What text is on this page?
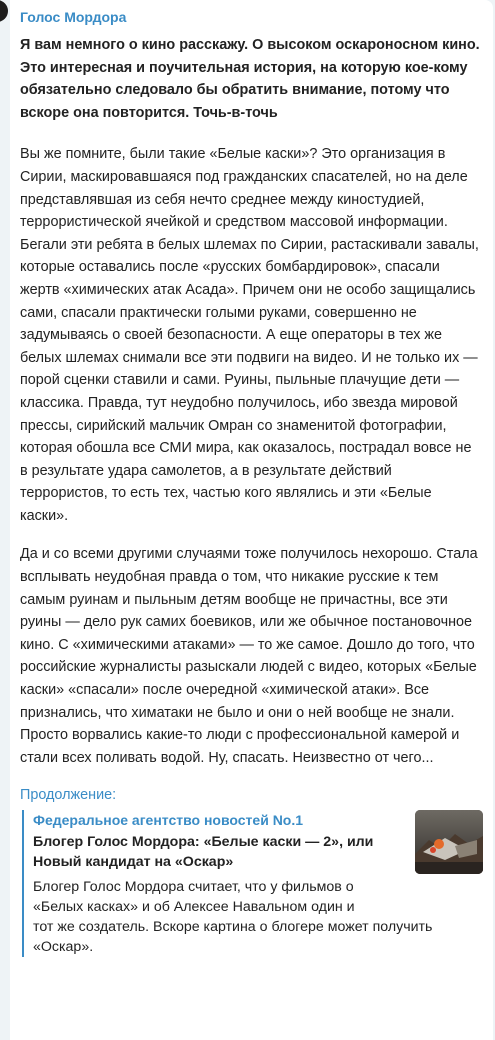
Голос Мордора
Я вам немного о кино расскажу. О высоком оскароносном кино. Это интересная и поучительная история, на которую кое-кому обязательно следовало бы обратить внимание, потому что вскоре она повторится. Точь-в-точь
Вы же помните, были такие «Белые каски»? Это организация в Сирии, маскировавшаяся под гражданских спасателей, но на деле представлявшая из себя нечто среднее между киностудией, террористической ячейкой и средством массовой информации. Бегали эти ребята в белых шлемах по Сирии, растаскивали завалы, которые оставались после «русских бомбардировок», спасали жертв «химических атак Асада». Причем они не особо защищались сами, спасали практически голыми руками, совершенно не задумываясь о своей безопасности. А еще операторы в тех же белых шлемах снимали все эти подвиги на видео. И не только их — порой сценки ставили и сами. Руины, пыльные плачущие дети — классика. Правда, тут неудобно получилось, ибо звезда мировой прессы, сирийский мальчик Омран со знаменитой фотографии, которая обошла все СМИ мира, как оказалось, пострадал вовсе не в результате удара самолетов, а в результате действий террористов, то есть тех, частью кого являлись и эти «Белые каски».
Да и со всеми другими случаями тоже получилось нехорошо. Стала всплывать неудобная правда о том, что никакие русские к тем самым руинам и пыльным детям вообще не причастны, все эти руины — дело рук самих боевиков, или же обычное постановочное кино. С «химическими атаками» — то же самое. Дошло до того, что российские журналисты разыскали людей с видео, которых «Белые каски» «спасали» после очередной «химической атаки». Все признались, что химатаки не было и они о ней вообще не знали. Просто ворвались какие-то люди с профессиональной камерой и стали всех поливать водой. Ну, спасать. Неизвестно от чего...
Продолжение:
Федеральное агентство новостей No.1
Блогер Голос Мордора: «Белые каски — 2», или Новый кандидат на «Оскар»
Блогер Голос Мордора считает, что у фильмов о «Белых касках» и об Алексее Навальном один и
тот же создатель. Вскоре картина о блогере может получить «Оскар».
